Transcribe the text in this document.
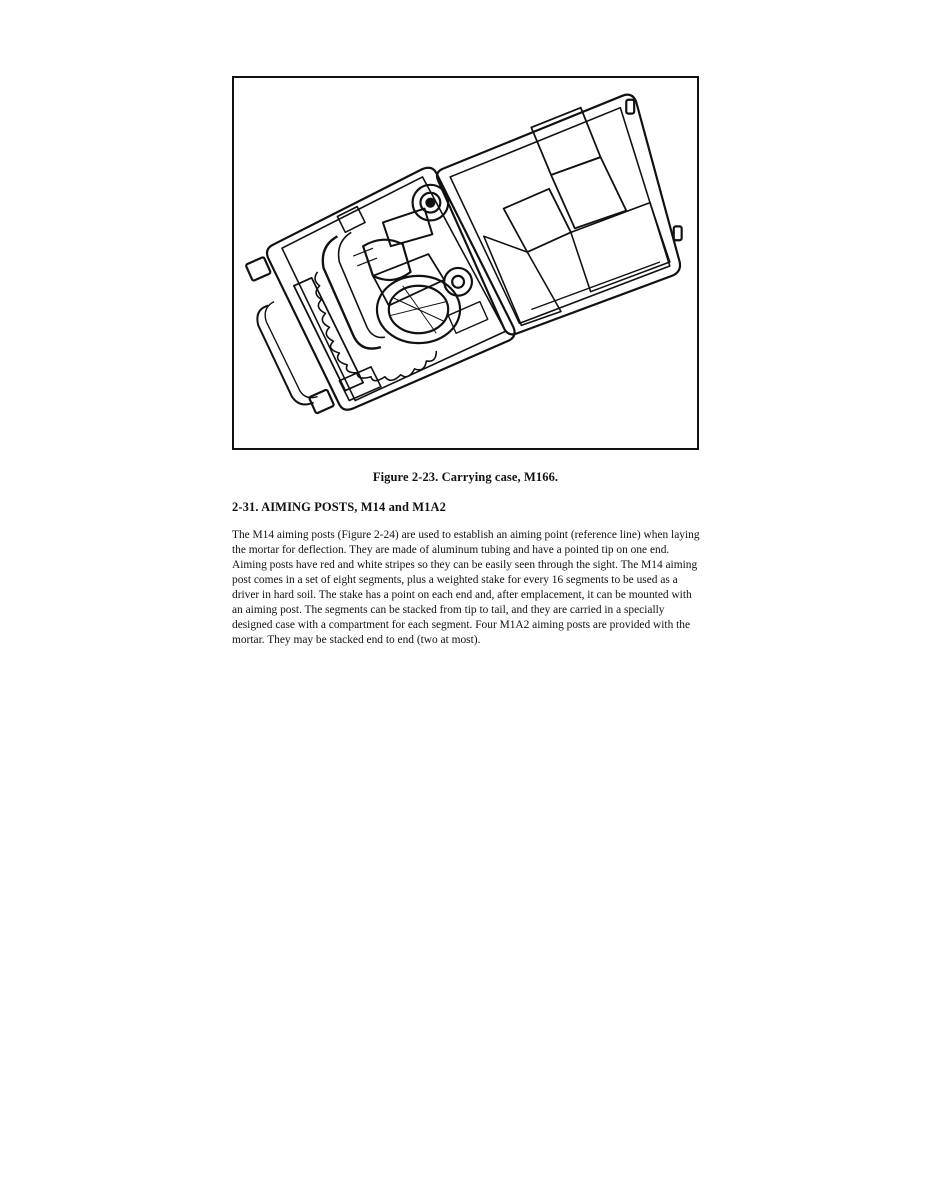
Figure 2-23. Carrying case, M166.
2-31. AIMING POSTS, M14 and M1A2

The M14 aiming posts (Figure 2-24) are used to establish an aiming point (reference line) when laying the mortar for deflection. They are made of aluminum tubing and have a pointed tip on one end. Aiming posts have red and white stripes so they can be easily seen through the sight. The M14 aiming post comes in a set of eight segments, plus a weighted stake for every 16 segments to be used as a driver in hard soil. The stake has a point on each end and, after emplacement, it can be mounted with an aiming post. The segments can be stacked from tip to tail, and they are carried in a specially designed case with a compartment for each segment. Four M1A2 aiming posts are provided with the mortar. They may be stacked end to end (two at most).
